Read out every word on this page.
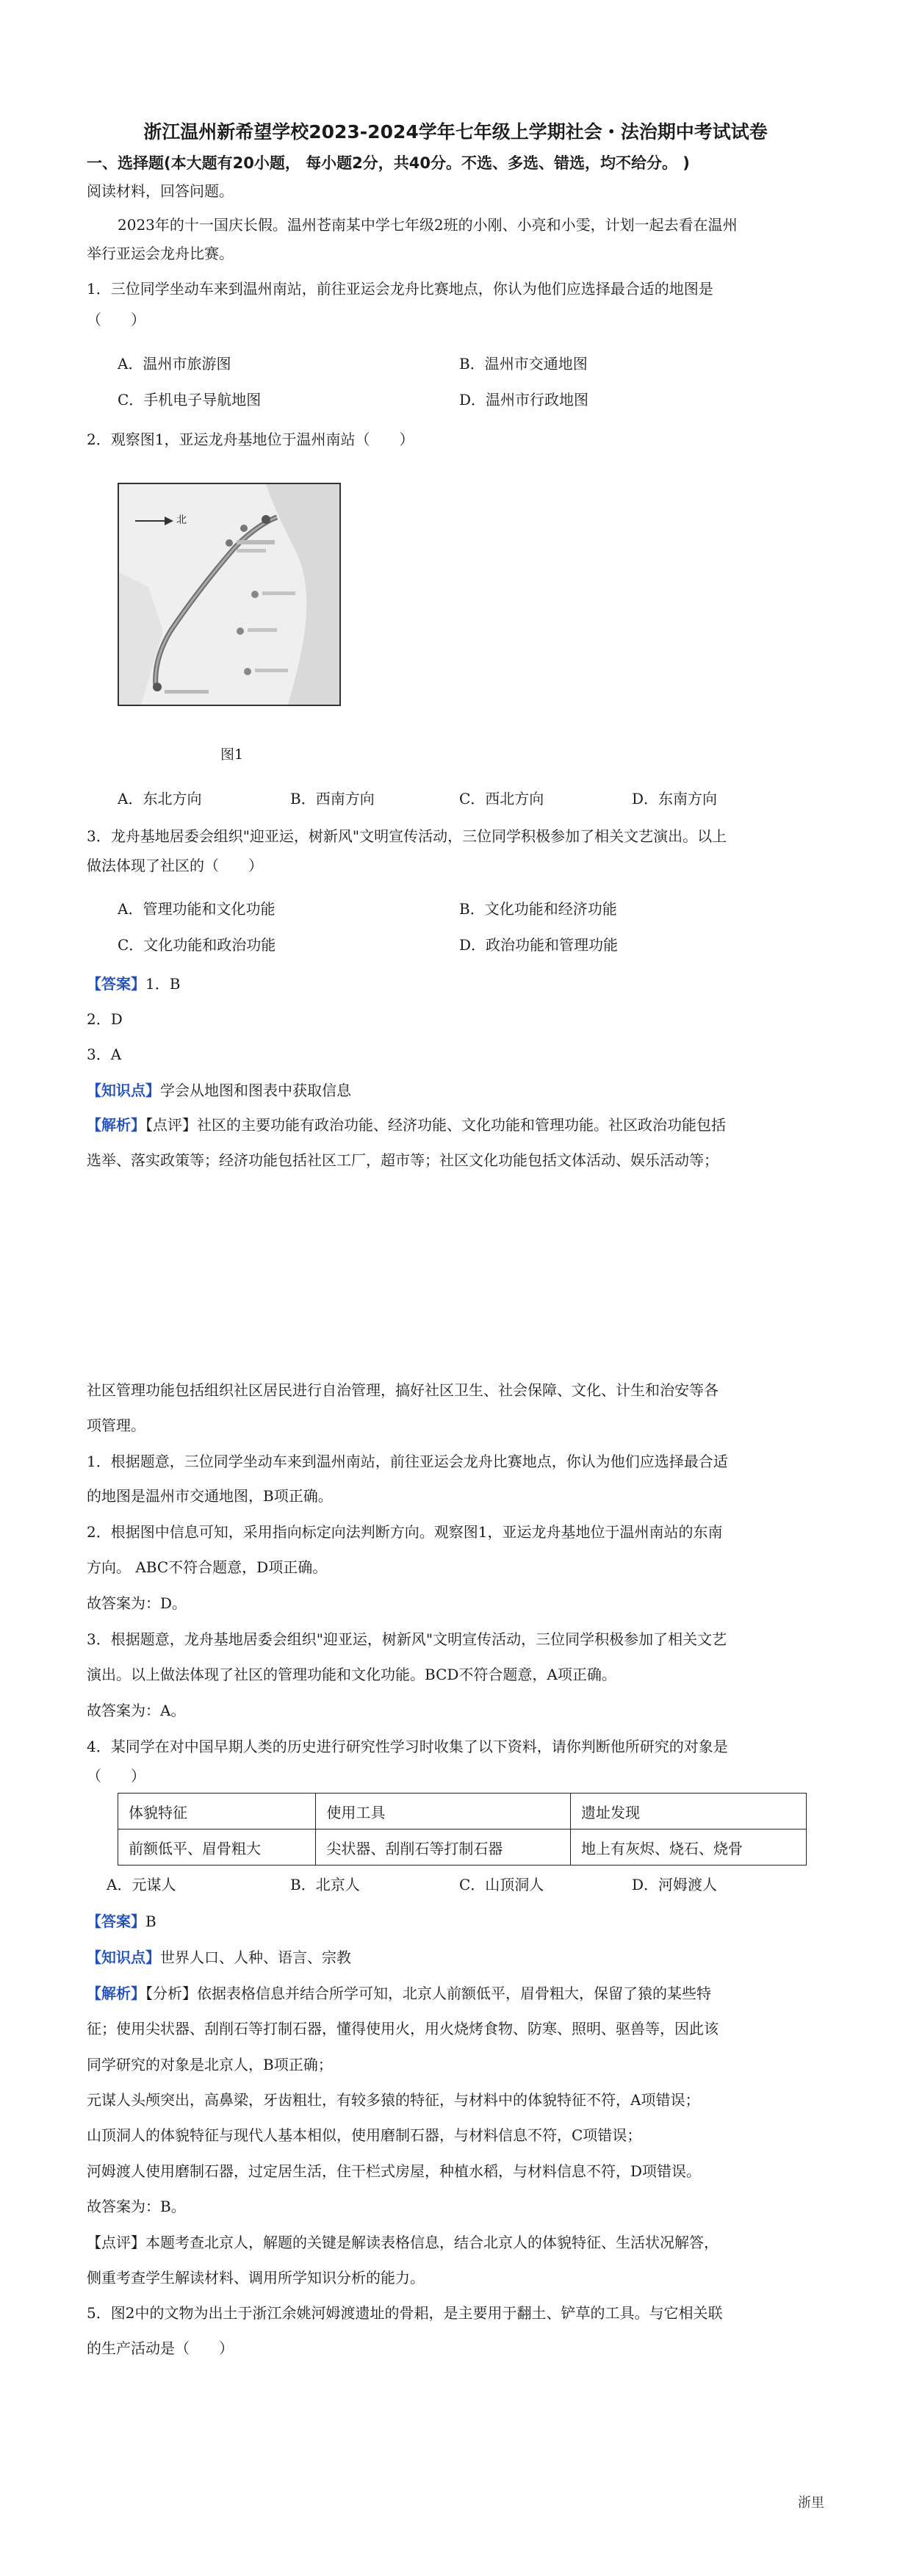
浙江温州新希望学校2023-2024学年七年级上学期社会・法治期中考试试卷
一、选择题(本大题有20小题， 每小题2分，共40分。不选、多选、错选，均不给分。 )
阅读材料，回答问题。
2023年的十一国庆长假。温州苍南某中学七年级2班的小刚、小亮和小雯，计划一起去看在温州
举行亚运会龙舟比赛。
1．三位同学坐动车来到温州南站，前往亚运会龙舟比赛地点，你认为他们应选择最合适的地图是
（　　）
A．温州市旅游图	B．温州市交通地图
C．手机电子导航地图	D．温州市行政地图
2．观察图1，亚运龙舟基地位于温州南站（　　）
北
图1
A．东北方向	B．西南方向	C．西北方向	D．东南方向
3．龙舟基地居委会组织"迎亚运，树新风"文明宣传活动，三位同学积极参加了相关文艺演出。以上
做法体现了社区的（　　）
A．管理功能和文化功能	B．文化功能和经济功能
C．文化功能和政治功能	D．政治功能和管理功能
【答案】1．B
2．D
3．A
【知识点】学会从地图和图表中获取信息
【解析】【点评】社区的主要功能有政治功能、经济功能、文化功能和管理功能。社区政治功能包括
选举、落实政策等；经济功能包括社区工厂，超市等；社区文化功能包括文体活动、娱乐活动等；
社区管理功能包括组织社区居民进行自治管理，搞好社区卫生、社会保障、文化、计生和治安等各
项管理。
1．根据题意，三位同学坐动车来到温州南站，前往亚运会龙舟比赛地点，你认为他们应选择最合适
的地图是温州市交通地图，B项正确。
2．根据图中信息可知，采用指向标定向法判断方向。观察图1，亚运龙舟基地位于温州南站的东南
方向。 ABC不符合题意，D项正确。
故答案为：D。
3．根据题意，龙舟基地居委会组织"迎亚运，树新风"文明宣传活动，三位同学积极参加了相关文艺
演出。以上做法体现了社区的管理功能和文化功能。BCD不符合题意，A项正确。
故答案为：A。
4．某同学在对中国早期人类的历史进行研究性学习时收集了以下资料，请你判断他所研究的对象是
（　　）
体貌特征	使用工具	遗址发现
前额低平、眉骨粗大	尖状器、刮削石等打制石器	地上有灰烬、烧石、烧骨
A．元谋人	B．北京人	C．山顶洞人	D．河姆渡人
【答案】B
【知识点】世界人口、人种、语言、宗教
【解析】【分析】依据表格信息并结合所学可知，北京人前额低平，眉骨粗大，保留了猿的某些特
征；使用尖状器、刮削石等打制石器，懂得使用火，用火烧烤食物、防寒、照明、驱兽等，因此该
同学研究的对象是北京人，B项正确；
元谋人头颅突出，高鼻梁，牙齿粗壮，有较多猿的特征，与材料中的体貌特征不符，A项错误；
山顶洞人的体貌特征与现代人基本相似，使用磨制石器，与材料信息不符，C项错误；
河姆渡人使用磨制石器，过定居生活，住干栏式房屋，种植水稻，与材料信息不符，D项错误。
故答案为：B。
【点评】本题考查北京人，解题的关键是解读表格信息，结合北京人的体貌特征、生活状况解答，
侧重考查学生解读材料、调用所学知识分析的能力。
5．图2中的文物为出土于浙江余姚河姆渡遗址的骨耜，是主要用于翻土、铲草的工具。与它相关联
的生产活动是（　　）
浙里
